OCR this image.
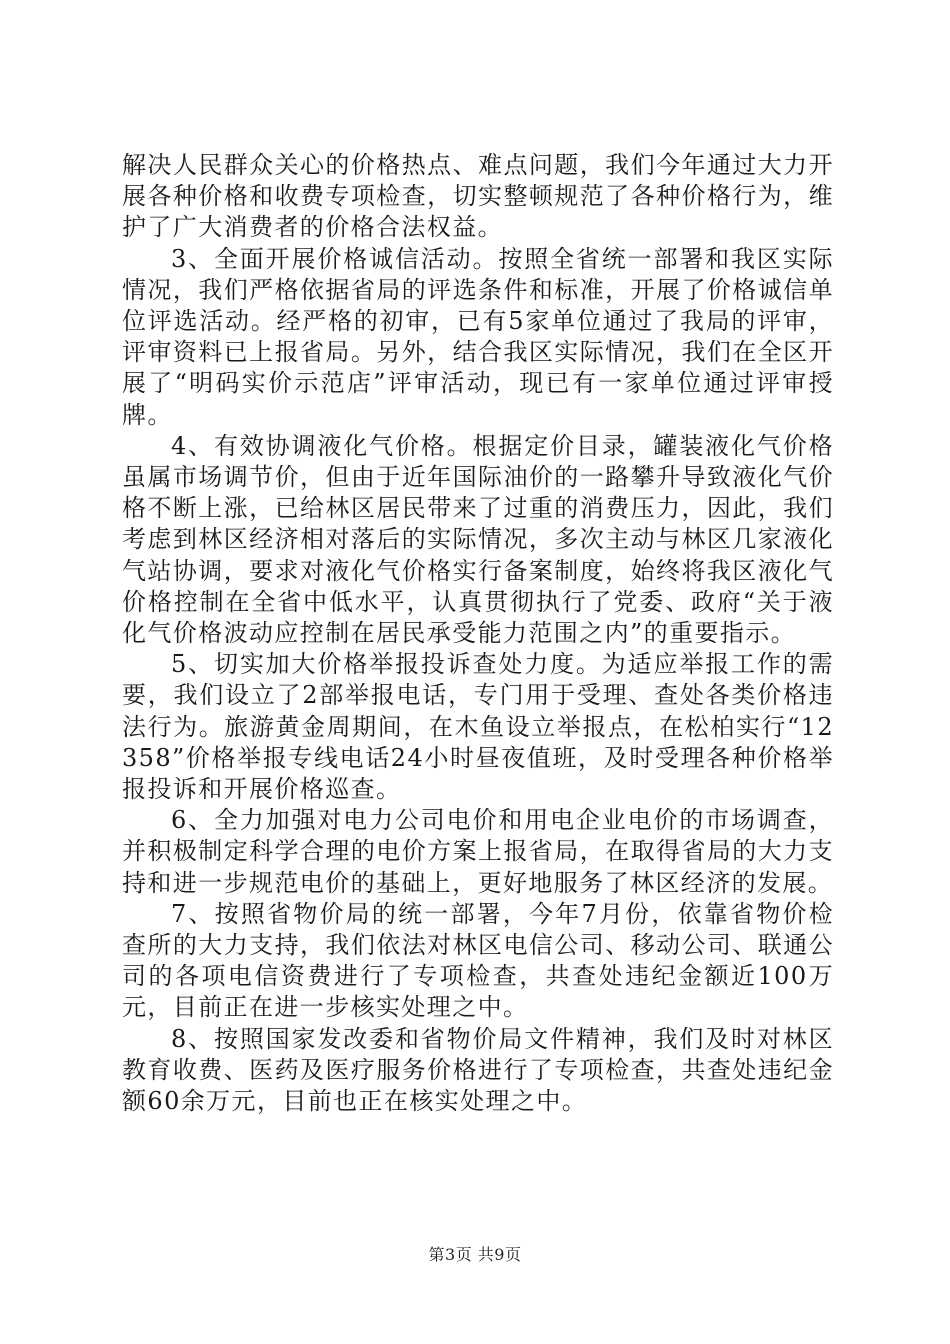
解决人民群众关心的价格热点、难点问题，我们今年通过大力开展各种价格和收费专项检查，切实整顿规范了各种价格行为，维护了广大消费者的价格合法权益。

3、全面开展价格诚信活动。按照全省统一部署和我区实际情况，我们严格依据省局的评选条件和标准，开展了价格诚信单位评选活动。经严格的初审，已有5家单位通过了我局的评审，评审资料已上报省局。另外，结合我区实际情况，我们在全区开展了“明码实价示范店”评审活动，现已有一家单位通过评审授牌。

4、有效协调液化气价格。根据定价目录，罐装液化气价格虽属市场调节价，但由于近年国际油价的一路攀升导致液化气价格不断上涨，已给林区居民带来了过重的消费压力，因此，我们考虑到林区经济相对落后的实际情况，多次主动与林区几家液化气站协调，要求对液化气价格实行备案制度，始终将我区液化气价格控制在全省中低水平，认真贯彻执行了党委、政府“关于液化气价格波动应控制在居民承受能力范围之内”的重要指示。

5、切实加大价格举报投诉查处力度。为适应举报工作的需要，我们设立了2部举报电话，专门用于受理、查处各类价格违法行为。旅游黄金周期间，在木鱼设立举报点，在松柏实行“12358”价格举报专线电话24小时昼夜值班，及时受理各种价格举报投诉和开展价格巡查。

6、全力加强对电力公司电价和用电企业电价的市场调查，并积极制定科学合理的电价方案上报省局，在取得省局的大力支持和进一步规范电价的基础上，更好地服务了林区经济的发展。

7、按照省物价局的统一部署，今年7月份，依靠省物价检查所的大力支持，我们依法对林区电信公司、移动公司、联通公司的各项电信资费进行了专项检查，共查处违纪金额近100万元，目前正在进一步核实处理之中。

8、按照国家发改委和省物价局文件精神，我们及时对林区教育收费、医药及医疗服务价格进行了专项检查，共查处违纪金额60余万元，目前也正在核实处理之中。

第3页 共9页
